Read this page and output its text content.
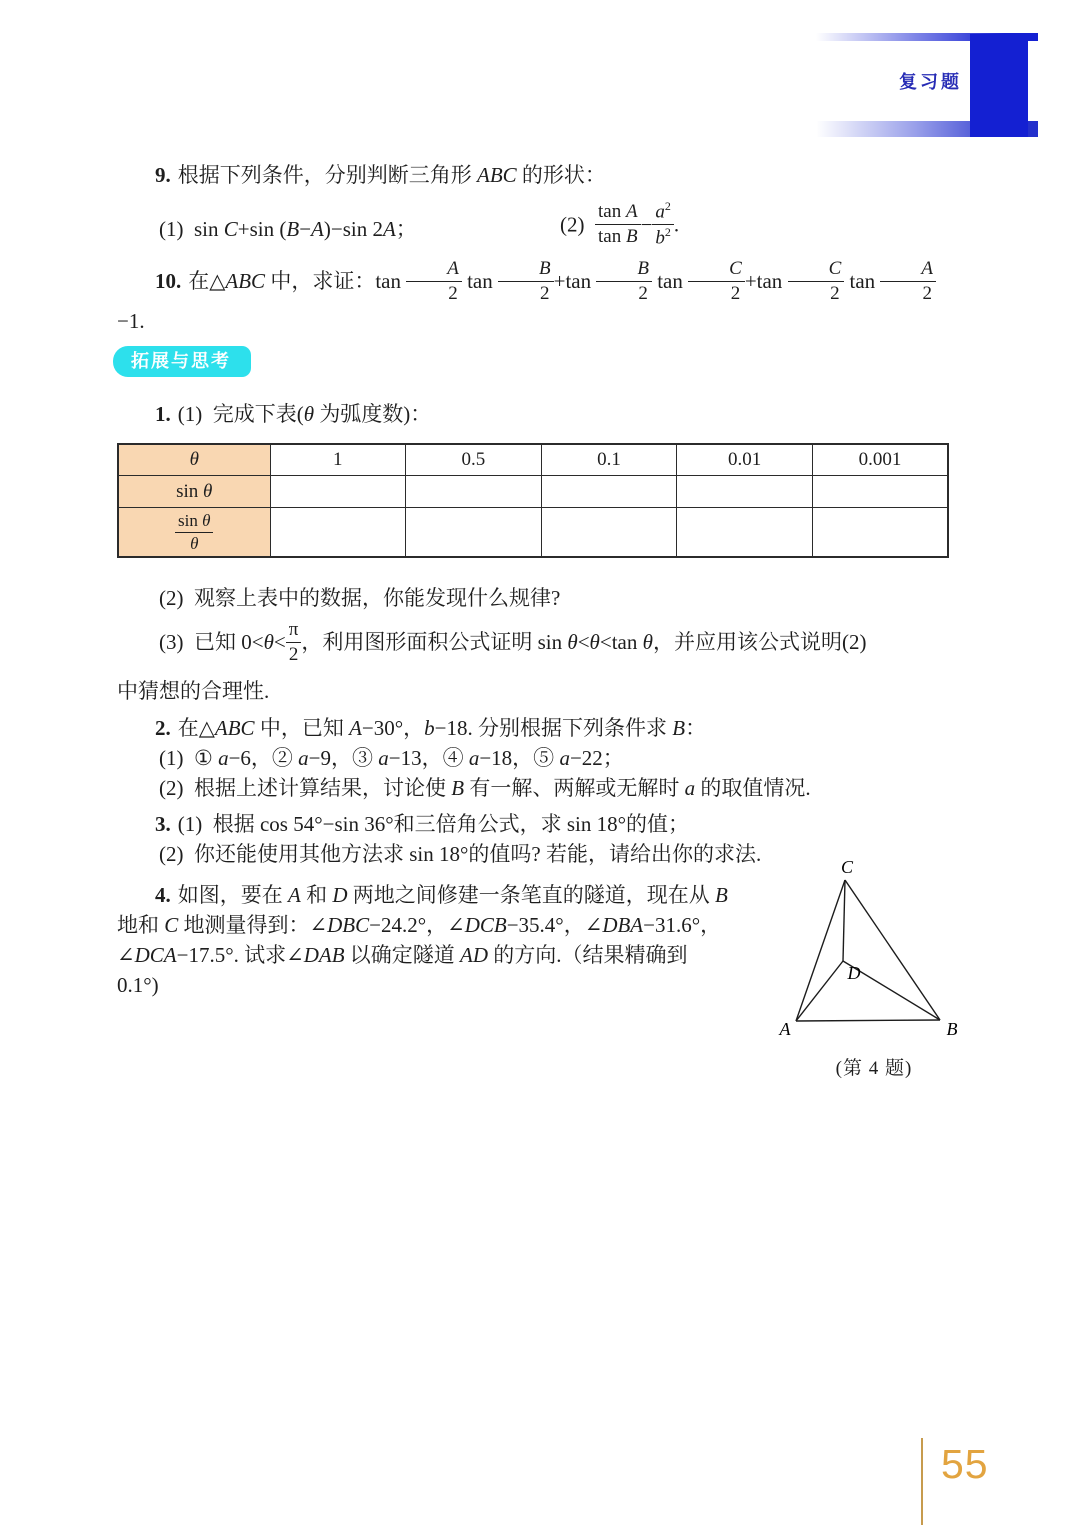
复习题
9. 根据下列条件，分别判断三角形 ABC 的形状：
(1)  sin C+sin (B−A)−sin 2A；	$(2) \frac{\text{tan A}}{\text{tan B}} - \frac{a^2}{b^2}$ .
10. 在△ABC 中，求证：$\tan \frac{A}{2}$ $\tan \frac{B}{2} +\tan \frac{B}{2}$ $\tan \frac{C}{2} +\tan \frac{C}{2}$ $\tan \frac{A}{2}$
−1.
拓展与思考
1. (1)  完成下表(θ 为弧度数)：
θ	1	0.5	0.1	0.01	0.001
sin θ					

$\frac{\text{sin θ}}{\theta}$

(2)  观察上表中的数据，你能发现什么规律?
(3)  已知 $0<\theta< \frac{\pi}{2}$ ，利用图形面积公式证明 sin θ<θ<tan θ，并应用该公式说明(2)
中猜想的合理性.
2. 在△ABC 中，已知 A−30°，b−18. 分别根据下列条件求 B：
(1)  ① a−6，② a−9，③ a−13，④ a−18，⑤ a−22；
(2)  根据上述计算结果，讨论使 B 有一解、两解或无解时 a 的取值情况.
3. (1)  根据 cos 54°−sin 36°和三倍角公式，求 sin 18°的值；
(2)  你还能使用其他方法求 sin 18°的值吗? 若能，请给出你的求法.
4. 如图，要在 A 和 D 两地之间修建一条笔直的隧道，现在从 B
地和 C 地测量得到：∠DBC−24.2°，∠DCB−35.4°，∠DBA−31.6°，
∠DCA−17.5°. 试求∠DAB 以确定隧道 AD 的方向.（结果精确到
0.1°)
C
A	B
D
(第 4 题)
55
